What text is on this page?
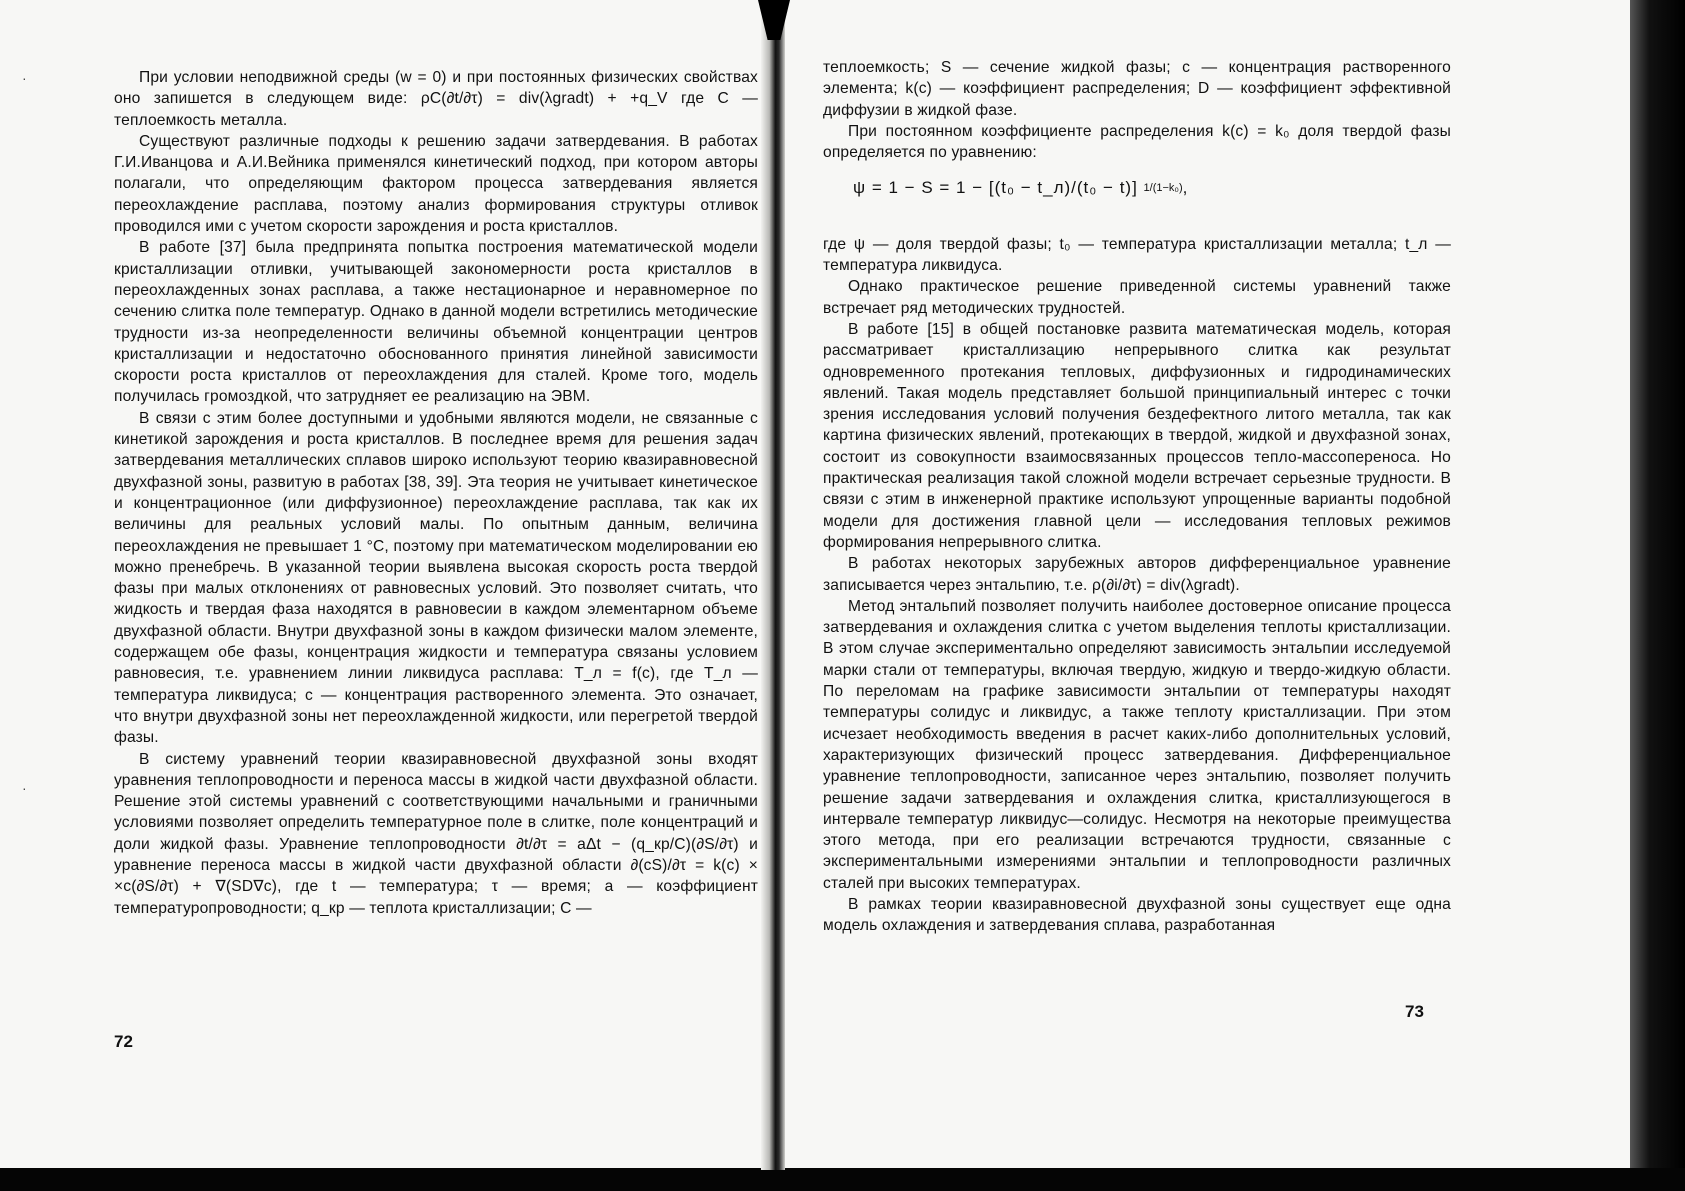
·
·

При условии неподвижной среды (w = 0) и при постоянных физических свойствах оно запишется в следующем виде: ρC(∂t/∂τ) = div(λgradt) + +q_V где C — теплоемкость металла.

Существуют различные подходы к решению задачи затвердевания. В работах Г.И.Иванцова и А.И.Вейника применялся кинетический подход, при котором авторы полагали, что определяющим фактором процесса затвердевания является переохлаждение расплава, поэтому анализ формирования структуры отливок проводился ими с учетом скорости зарождения и роста кристаллов.

В работе [37] была предпринята попытка построения математической модели кристаллизации отливки, учитывающей закономерности роста кристаллов в переохлажденных зонах расплава, а также нестационарное и неравномерное по сечению слитка поле температур. Однако в данной модели встретились методические трудности из-за неопределенности величины объемной концентрации центров кристаллизации и недостаточно обоснованного принятия линейной зависимости скорости роста кристаллов от переохлаждения для сталей. Кроме того, модель получилась громоздкой, что затрудняет ее реализацию на ЭВМ.

В связи с этим более доступными и удобными являются модели, не связанные с кинетикой зарождения и роста кристаллов. В последнее время для решения задач затвердевания металлических сплавов широко используют теорию квазиравновесной двухфазной зоны, развитую в работах [38, 39]. Эта теория не учитывает кинетическое и концентрационное (или диффузионное) переохлаждение расплава, так как их величины для реальных условий малы. По опытным данным, величина переохлаждения не превышает 1 °C, поэтому при математическом моделировании ею можно пренебречь. В указанной теории выявлена высокая скорость роста твердой фазы при малых отклонениях от равновесных условий. Это позволяет считать, что жидкость и твердая фаза находятся в равновесии в каждом элементарном объеме двухфазной области. Внутри двухфазной зоны в каждом физически малом элементе, содержащем обе фазы, концентрация жидкости и температура связаны условием равновесия, т.е. уравнением линии ликвидуса расплава: T_л = f(c), где T_л — температура ликвидуса; c — концентрация растворенного элемента. Это означает, что внутри двухфазной зоны нет переохлажденной жидкости, или перегретой твердой фазы.

В систему уравнений теории квазиравновесной двухфазной зоны входят уравнения теплопроводности и переноса массы в жидкой части двухфазной области. Решение этой системы уравнений с соответствующими начальными и граничными условиями позволяет определить температурное поле в слитке, поле концентраций и доли жидкой фазы. Уравнение теплопроводности ∂t/∂τ = aΔt − (q_кр/C)(∂S/∂τ) и уравнение переноса массы в жидкой части двухфазной области ∂(cS)/∂τ = k(c) × ×c(∂S/∂τ) + ∇(SD∇c), где t — температура; τ — время; a — коэффициент температуропроводности; q_кр — теплота кристаллизации; C —

72

теплоемкость; S — сечение жидкой фазы; c — концентрация растворенного элемента; k(c) — коэффициент распределения; D — коэффициент эффективной диффузии в жидкой фазе.

При постоянном коэффициенте распределения k(c) = k₀ доля твердой фазы определяется по уравнению:

ψ = 1 − S = 1 − [(t₀ − t_л)/(t₀ − t)] 1/(1−k₀),

где ψ — доля твердой фазы; t₀ — температура кристаллизации металла; t_л — температура ликвидуса.

Однако практическое решение приведенной системы уравнений также встречает ряд методических трудностей.

В работе [15] в общей постановке развита математическая модель, которая рассматривает кристаллизацию непрерывного слитка как результат одновременного протекания тепловых, диффузионных и гидродинамических явлений. Такая модель представляет большой принципиальный интерес с точки зрения исследования условий получения бездефектного литого металла, так как картина физических явлений, протекающих в твердой, жидкой и двухфазной зонах, состоит из совокупности взаимосвязанных процессов тепло-массопереноса. Но практическая реализация такой сложной модели встречает серьезные трудности. В связи с этим в инженерной практике используют упрощенные варианты подобной модели для достижения главной цели — исследования тепловых режимов формирования непрерывного слитка.

В работах некоторых зарубежных авторов дифференциальное уравнение записывается через энтальпию, т.е. ρ(∂i/∂τ) = div(λgradt).

Метод энтальпий позволяет получить наиболее достоверное описание процесса затвердевания и охлаждения слитка с учетом выделения теплоты кристаллизации. В этом случае экспериментально определяют зависимость энтальпии исследуемой марки стали от температуры, включая твердую, жидкую и твердо-жидкую области. По переломам на графике зависимости энтальпии от температуры находят температуры солидус и ликвидус, а также теплоту кристаллизации. При этом исчезает необходимость введения в расчет каких-либо дополнительных условий, характеризующих физический процесс затвердевания. Дифференциальное уравнение теплопроводности, записанное через энтальпию, позволяет получить решение задачи затвердевания и охлаждения слитка, кристаллизующегося в интервале температур ликвидус—солидус. Несмотря на некоторые преимущества этого метода, при его реализации встречаются трудности, связанные с экспериментальными измерениями энтальпии и теплопроводности различных сталей при высоких температурах.

В рамках теории квазиравновесной двухфазной зоны существует еще одна модель охлаждения и затвердевания сплава, разработанная

73
